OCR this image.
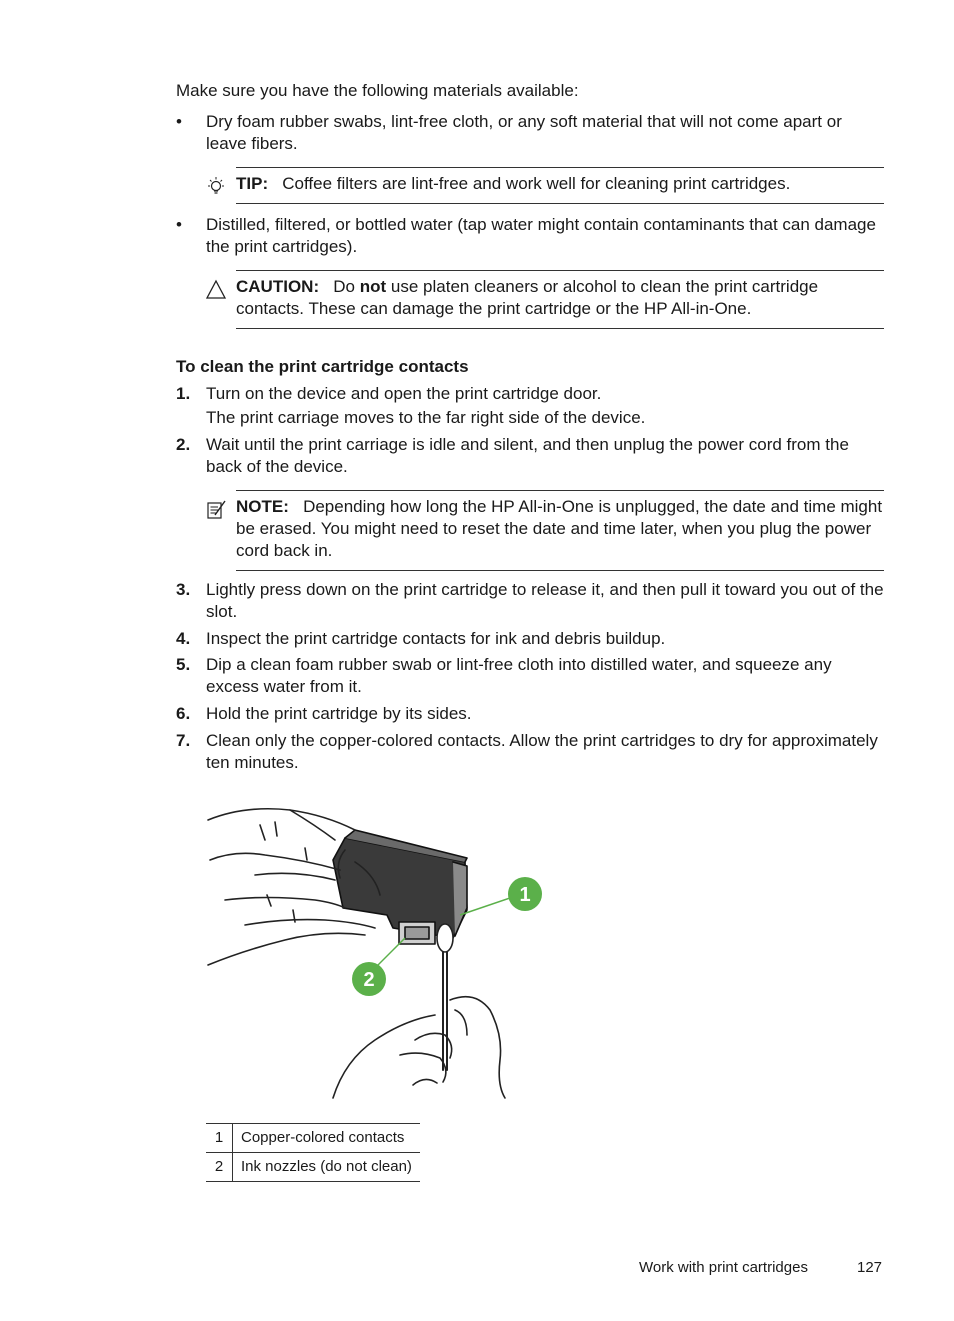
Make sure you have the following materials available:
•	Dry foam rubber swabs, lint-free cloth, or any soft material that will not come apart or leave fibers.
TIP: Coffee filters are lint-free and work well for cleaning print cartridges.
•	Distilled, filtered, or bottled water (tap water might contain contaminants that can damage the print cartridges).
CAUTION: Do not use platen cleaners or alcohol to clean the print cartridge contacts. These can damage the print cartridge or the HP All-in-One.
To clean the print cartridge contacts
1. Turn on the device and open the print cartridge door.
The print carriage moves to the far right side of the device.
2. Wait until the print carriage is idle and silent, and then unplug the power cord from the back of the device.
NOTE: Depending how long the HP All-in-One is unplugged, the date and time might be erased. You might need to reset the date and time later, when you plug the power cord back in.
3. Lightly press down on the print cartridge to release it, and then pull it toward you out of the slot.
4. Inspect the print cartridge contacts for ink and debris buildup.
5. Dip a clean foam rubber swab or lint-free cloth into distilled water, and squeeze any excess water from it.
6. Hold the print cartridge by its sides.
7. Clean only the copper-colored contacts. Allow the print cartridges to dry for approximately ten minutes.
1
2
1	Copper-colored contacts
2	Ink nozzles (do not clean)
Work with print cartridges	127
